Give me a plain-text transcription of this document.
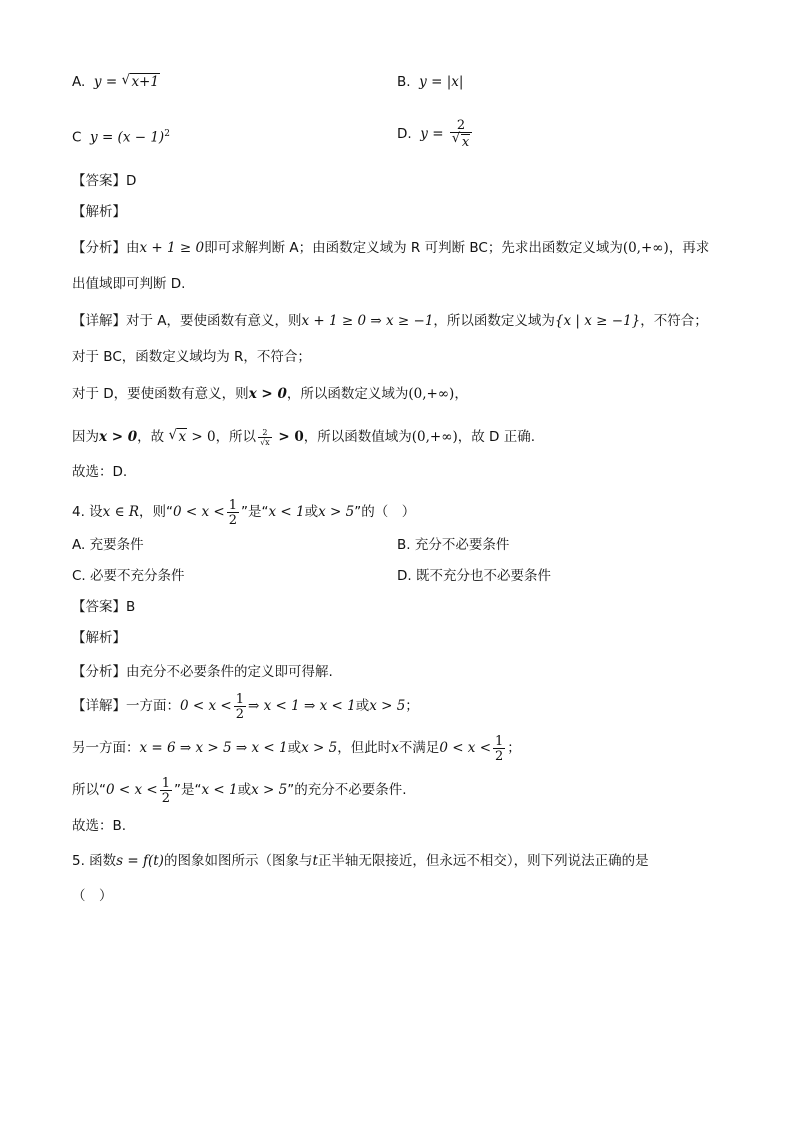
A. y = √ x+1	B. y = |x|
C $y = (x - 1)^2$	D. y = 2
√ x
【答案】D
【解析】
【分析】由x + 1 ≥ 0即可求解判断 A；由函数定义域为 R 可判断 BC；先求出函数定义域为(0,+∞)，再求
出值域即可判断 D.
【详解】对于 A，要使函数有意义，则x + 1 ≥ 0 ⇒ x ≥ −1，所以函数定义域为{x | x ≥ −1}，不符合；
对于 BC，函数定义域均为 R，不符合；
对于 D，要使函数有意义，则x > 0，所以函数定义域为(0,+∞)，
因为x > 0，故 √ x > 0，所以 $\frac{2}{√x} > 0$，所以函数值域为(0,+∞)，故 D 正确.
故选：D.
4. 设x ∈ R，则“$0 < x < \frac{1}{2}$ ”是“x < 1或x > 5”的（　）
A. 充要条件	B. 充分不必要条件
C. 必要不充分条件	D. 既不充分也不必要条件
【答案】B
【解析】
【分析】由充分不必要条件的定义即可得解.
【详解】一方面：$0 < x < \frac{1}{2}$ ⇒ x < 1 ⇒ x < 1或x > 5；
另一方面：x = 6 ⇒ x > 5 ⇒ x < 1或x > 5，但此时x不满足$0 < x < \frac{1}{2}$ ；
所以“$0 < x < \frac{1}{2}$ ”是“x < 1或x > 5”的充分不必要条件.
故选：B.
5. 函数s = f(t)的图象如图所示（图象与t正半轴无限接近，但永远不相交），则下列说法正确的是
（　）
